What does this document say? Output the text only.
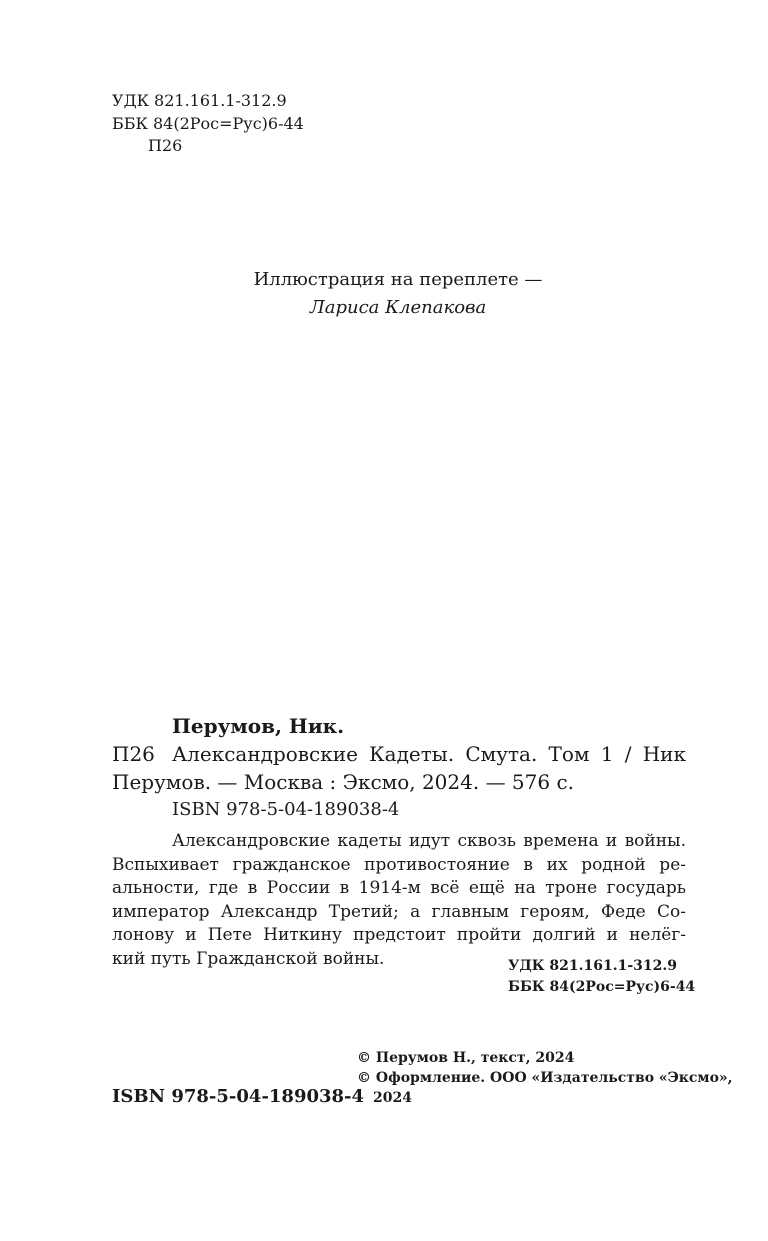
УДК 821.161.1-312.9
ББК 84(2Рос=Рус)6-44
П26
Иллюстрация на переплете —
Лариса Клепакова
Перумов, Ник.
П26 Александровские Кадеты. Смута. Том 1 / Ник
Перумов. — Москва : Эксмо, 2024. — 576 с.
ISBN 978-5-04-189038-4
Александровские кадеты идут сквозь времена и войны.
Вспыхивает гражданское противостояние в их родной ре-
альности, где в России в 1914-м всё ещё на троне государь
император Александр Третий; а главным героям, Феде Со-
лонову и Пете Ниткину предстоит пройти долгий и нелёг-
кий путь Гражданской войны.	УДК 821.161.1-312.9
ББК 84(2Рос=Рус)6-44
© Перумов Н., текст, 2024
© Оформление. ООО «Издательство «Эксмо»,
2024
ISBN 978-5-04-189038-4
